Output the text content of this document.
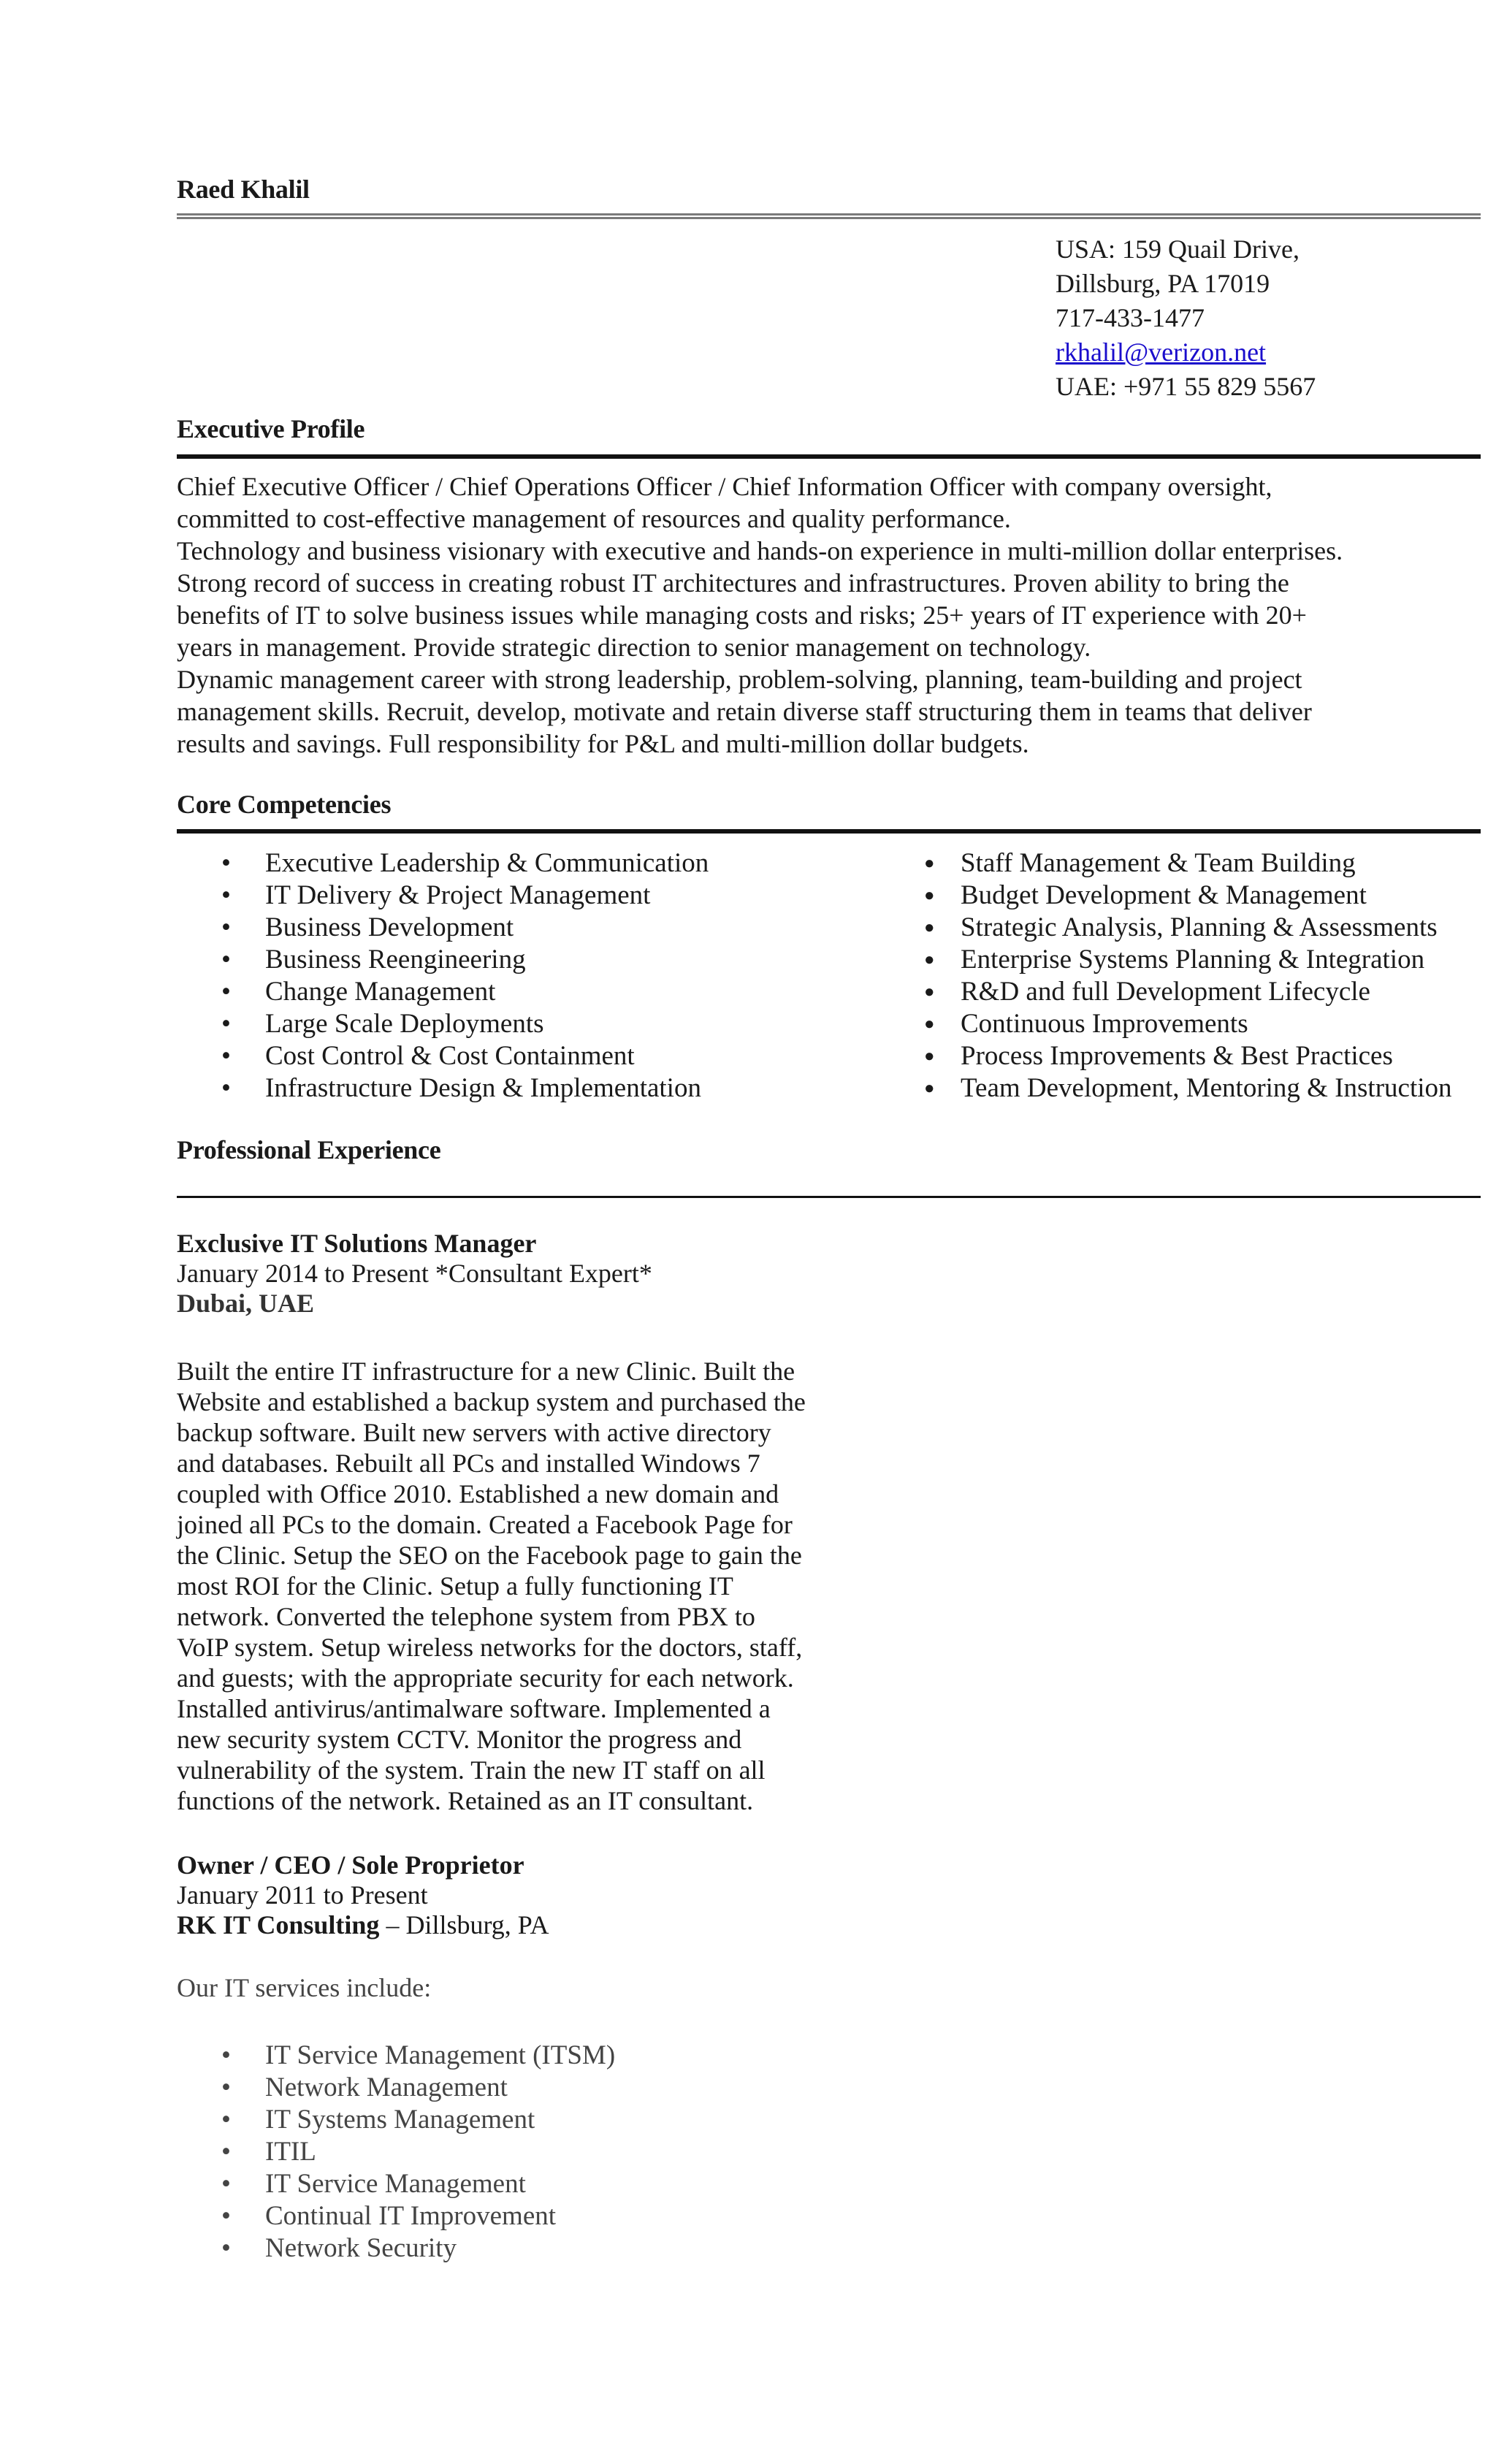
Raed Khalil
USA: 159 Quail Drive,
Dillsburg, PA 17019
717-433-1477
rkhalil@verizon.net
UAE: +971 55 829 5567
Executive Profile

Chief Executive Officer / Chief Operations Officer / Chief Information Officer with company oversight,

committed to cost-effective management of resources and quality performance.

Technology and business visionary with executive and hands-on experience in multi-million dollar enterprises.

Strong record of success in creating robust IT architectures and infrastructures. Proven ability to bring the

benefits of IT to solve business issues while managing costs and risks; 25+ years of IT experience with 20+

years in management. Provide strategic direction to senior management on technology.

Dynamic management career with strong leadership, problem-solving, planning, team-building and project

management skills. Recruit, develop, motivate and retain diverse staff structuring them in teams that deliver

results and savings. Full responsibility for P&L and multi-million dollar budgets.

Core Competencies
• Executive Leadership & Communication
• IT Delivery & Project Management
• Business Development
• Business Reengineering
• Change Management
• Large Scale Deployments
• Cost Control & Cost Containment
• Infrastructure Design & Implementation
● Staff Management & Team Building
● Budget Development & Management
● Strategic Analysis, Planning & Assessments
● Enterprise Systems Planning & Integration
● R&D and full Development Lifecycle
● Continuous Improvements
● Process Improvements & Best Practices
● Team Development, Mentoring & Instruction
Professional Experience
Exclusive IT Solutions Manager
January 2014 to Present *Consultant Expert*
Dubai, UAE
Built the entire IT infrastructure for a new Clinic. Built the
Website and established a backup system and purchased the
backup software. Built new servers with active directory
and databases. Rebuilt all PCs and installed Windows 7
coupled with Office 2010. Established a new domain and
joined all PCs to the domain. Created a Facebook Page for
the Clinic. Setup the SEO on the Facebook page to gain the
most ROI for the Clinic. Setup a fully functioning IT
network. Converted the telephone system from PBX to
VoIP system. Setup wireless networks for the doctors, staff,
and guests; with the appropriate security for each network.
Installed antivirus/antimalware software. Implemented a
new security system CCTV. Monitor the progress and
vulnerability of the system. Train the new IT staff on all
functions of the network. Retained as an IT consultant.
Owner / CEO / Sole Proprietor
January 2011 to Present
RK IT Consulting – Dillsburg, PA
Our IT services include:
• IT Service Management (ITSM)
• Network Management
• IT Systems Management
• ITIL
• IT Service Management
• Continual IT Improvement
• Network Security
